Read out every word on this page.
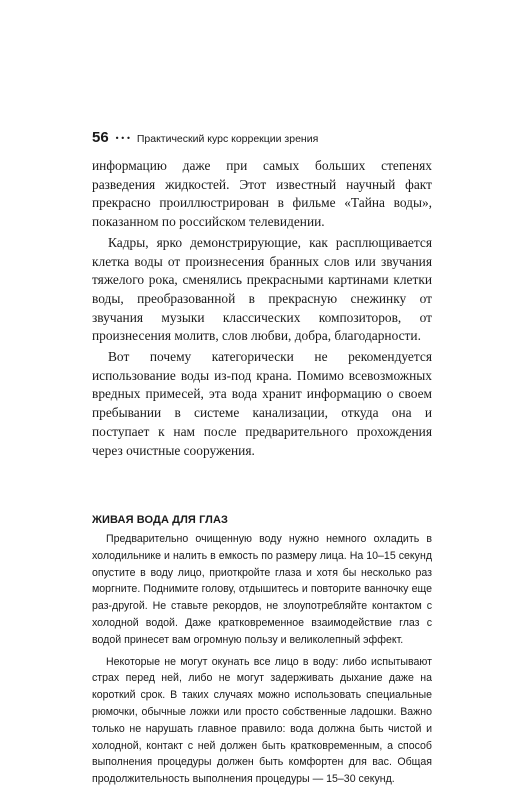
56 ••• Практический курс коррекции зрения

информацию даже при самых больших степенях разведения жидкостей. Этот известный научный факт прекрасно проиллюстрирован в фильме «Тайна воды», показанном по российском телевидении.

Кадры, ярко демонстрирующие, как расплющивается клетка воды от произнесения бранных слов или звучания тяжелого рока, сменялись прекрасными картинами клетки воды, преобразованной в прекрасную снежинку от звучания музыки классических композиторов, от произнесения молитв, слов любви, добра, благодарности.

Вот почему категорически не рекомендуется использование воды из-под крана. Помимо всевозможных вредных примесей, эта вода хранит информацию о своем пребывании в системе канализации, откуда она и поступает к нам после предварительного прохождения через очистные сооружения.

ЖИВАЯ ВОДА ДЛЯ ГЛАЗ

Предварительно очищенную воду нужно немного охладить в холодильнике и налить в емкость по размеру лица. На 10–15 секунд опустите в воду лицо, приоткройте глаза и хотя бы несколько раз моргните. Поднимите голову, отдышитесь и повторите ванночку еще раз-другой. Не ставьте рекордов, не злоупотребляйте контактом с холодной водой. Даже кратковременное взаимодействие глаз с водой принесет вам огромную пользу и великолепный эффект.

Некоторые не могут окунать все лицо в воду: либо испытывают страх перед ней, либо не могут задерживать дыхание даже на короткий срок. В таких случаях можно использовать специальные рюмочки, обычные ложки или просто собственные ладошки. Важно только не нарушать главное правило: вода должна быть чистой и холодной, контакт с ней должен быть кратковременным, а способ выполнения процедуры должен быть комфортен для вас. Общая продолжительность выполнения процедуры — 15–30 секунд.
